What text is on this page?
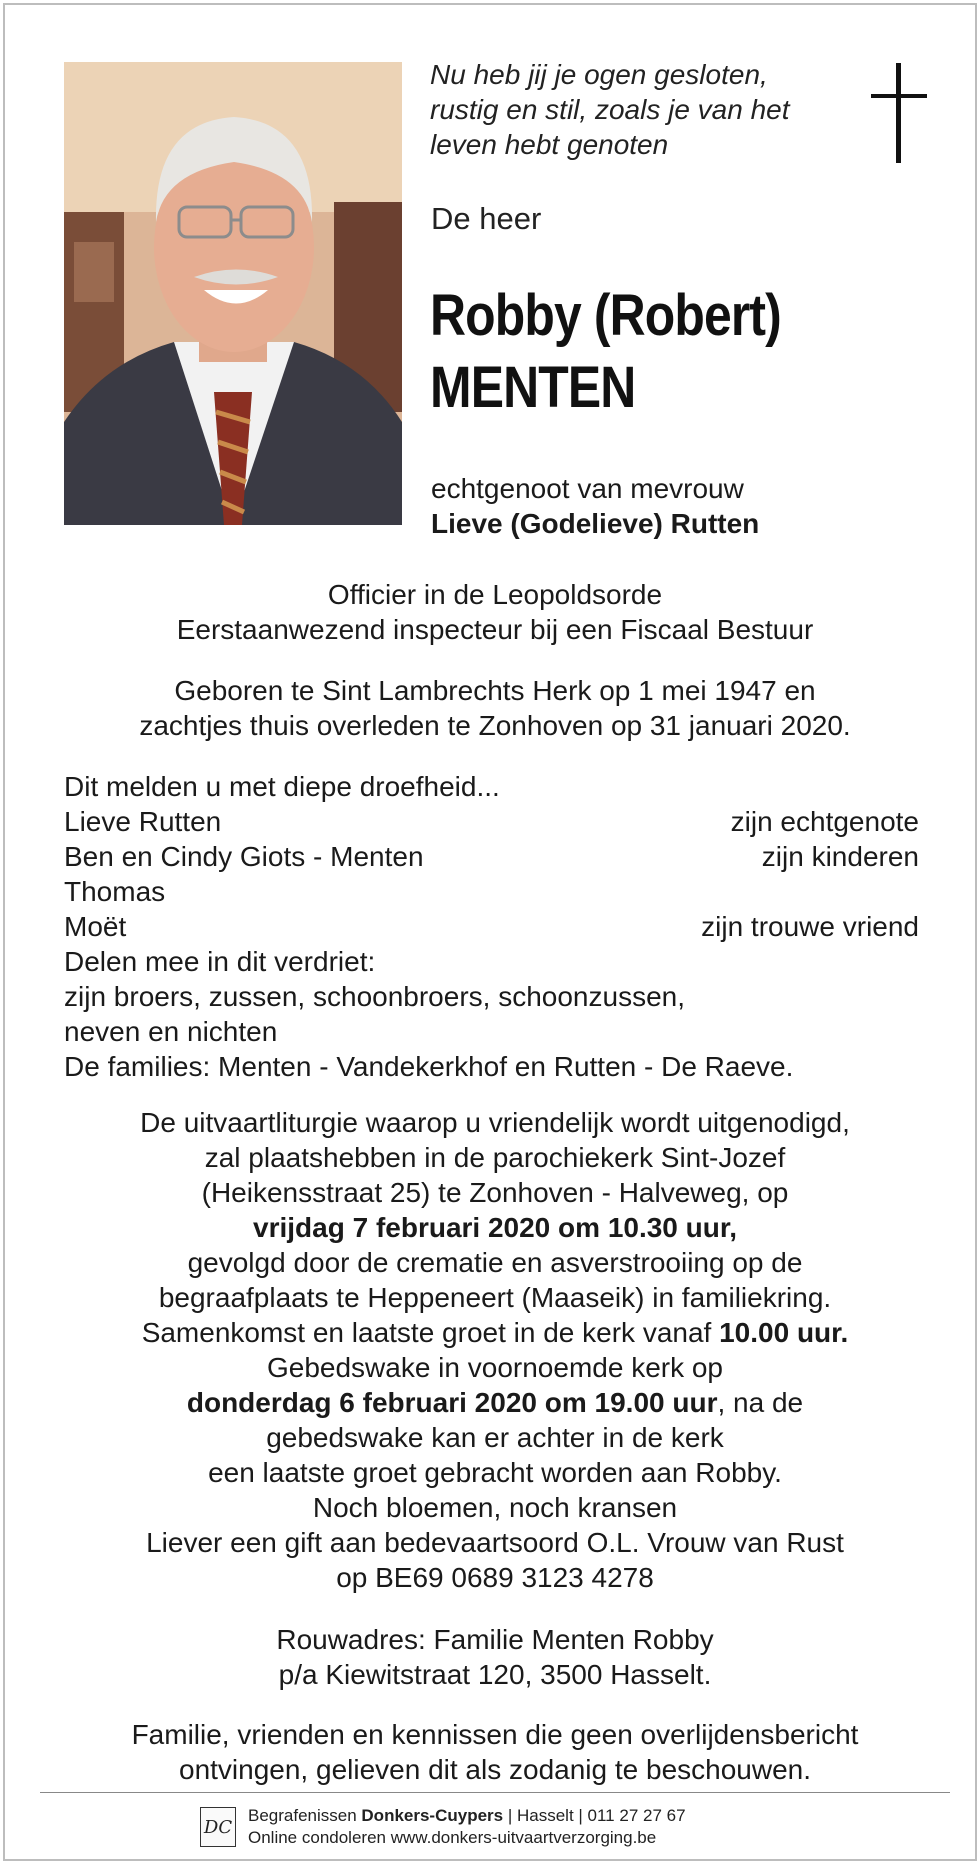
Nu heb jij je ogen gesloten,
rustig en stil, zoals je van het
leven hebt genoten
De heer
Robby (Robert)
MENTEN
echtgenoot van mevrouw
Lieve (Godelieve) Rutten
Officier in de Leopoldsorde
Eerstaanwezend inspecteur bij een Fiscaal Bestuur
Geboren te Sint Lambrechts Herk op 1 mei 1947 en
zachtjes thuis overleden te Zonhoven op 31 januari 2020.
Dit melden u met diepe droefheid...
Lieve Rutten	zijn echtgenote
Ben en Cindy Giots - Menten	zijn kinderen
Thomas
Moët	zijn trouwe vriend
Delen mee in dit verdriet:
zijn broers, zussen, schoonbroers, schoonzussen,
neven en nichten
De families: Menten - Vandekerkhof en Rutten - De Raeve.
De uitvaartliturgie waarop u vriendelijk wordt uitgenodigd,
zal plaatshebben in de parochiekerk Sint-Jozef
(Heikensstraat 25) te Zonhoven - Halveweg, op
vrijdag 7 februari 2020 om 10.30 uur,
gevolgd door de crematie en asverstrooiing op de
begraafplaats te Heppeneert (Maaseik) in familiekring.
Samenkomst en laatste groet in de kerk vanaf 10.00 uur.
Gebedswake in voornoemde kerk op
donderdag 6 februari 2020 om 19.00 uur, na de
gebedswake kan er achter in de kerk
een laatste groet gebracht worden aan Robby.
Noch bloemen, noch kransen
Liever een gift aan bedevaartsoord O.L. Vrouw van Rust
op BE69 0689 3123 4278
Rouwadres: Familie Menten Robby
p/a Kiewitstraat 120, 3500 Hasselt.
Familie, vrienden en kennissen die geen overlijdensbericht
ontvingen, gelieven dit als zodanig te beschouwen.
DC
Begrafenissen Donkers-Cuypers | Hasselt | 011 27 27 67
Online condoleren www.donkers-uitvaartverzorging.be
